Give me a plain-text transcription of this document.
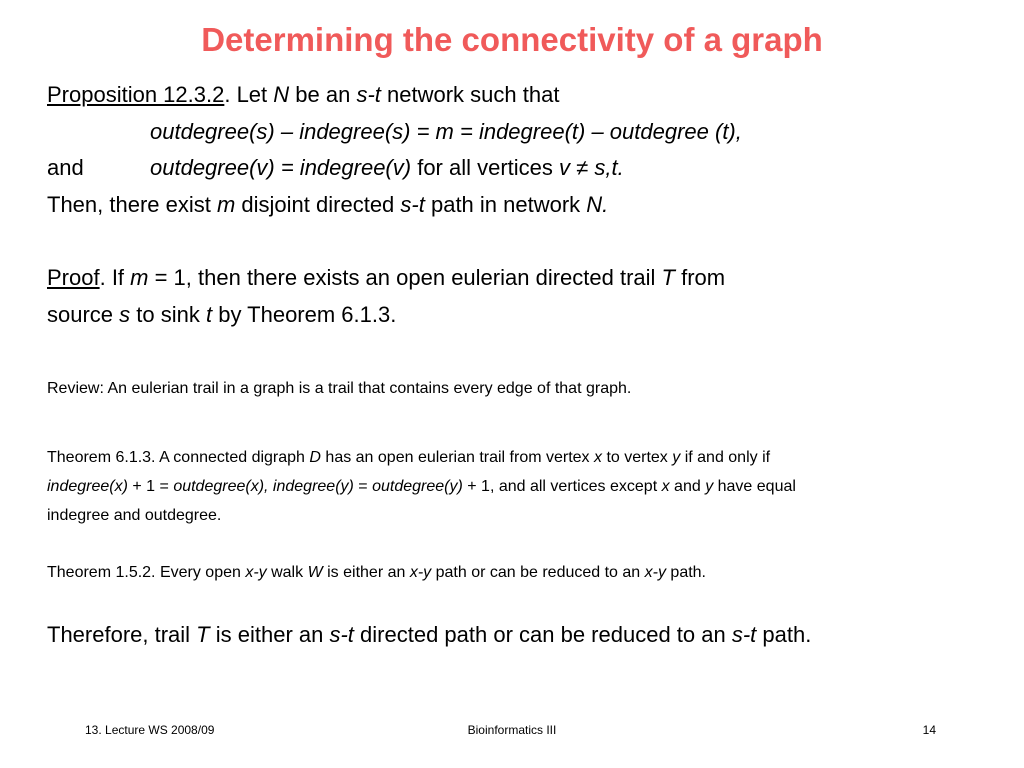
Determining the connectivity of a graph
Proposition 12.3.2. Let N be an s-t network such that
outdegree(s) – indegree(s) = m = indegree(t) – outdegree (t),
and	outdegree(v) = indegree(v) for all vertices v ≠ s,t.
Then, there exist m disjoint directed s-t path in network N.
Proof. If m = 1, then there exists an open eulerian directed trail T from
source s to sink t by Theorem 6.1.3.
Review: An eulerian trail in a graph is a trail that contains every edge of that graph.
Theorem 6.1.3. A connected digraph D has an open eulerian trail from vertex x to vertex y if and only if
indegree(x) + 1 = outdegree(x), indegree(y) = outdegree(y) + 1, and all vertices except x and y have equal
indegree and outdegree.
Theorem 1.5.2. Every open x-y walk W is either an x-y path or can be reduced to an x-y path.
Therefore, trail T is either an s-t directed path or can be reduced to an s-t path.
13. Lecture WS 2008/09	Bioinformatics III	14
